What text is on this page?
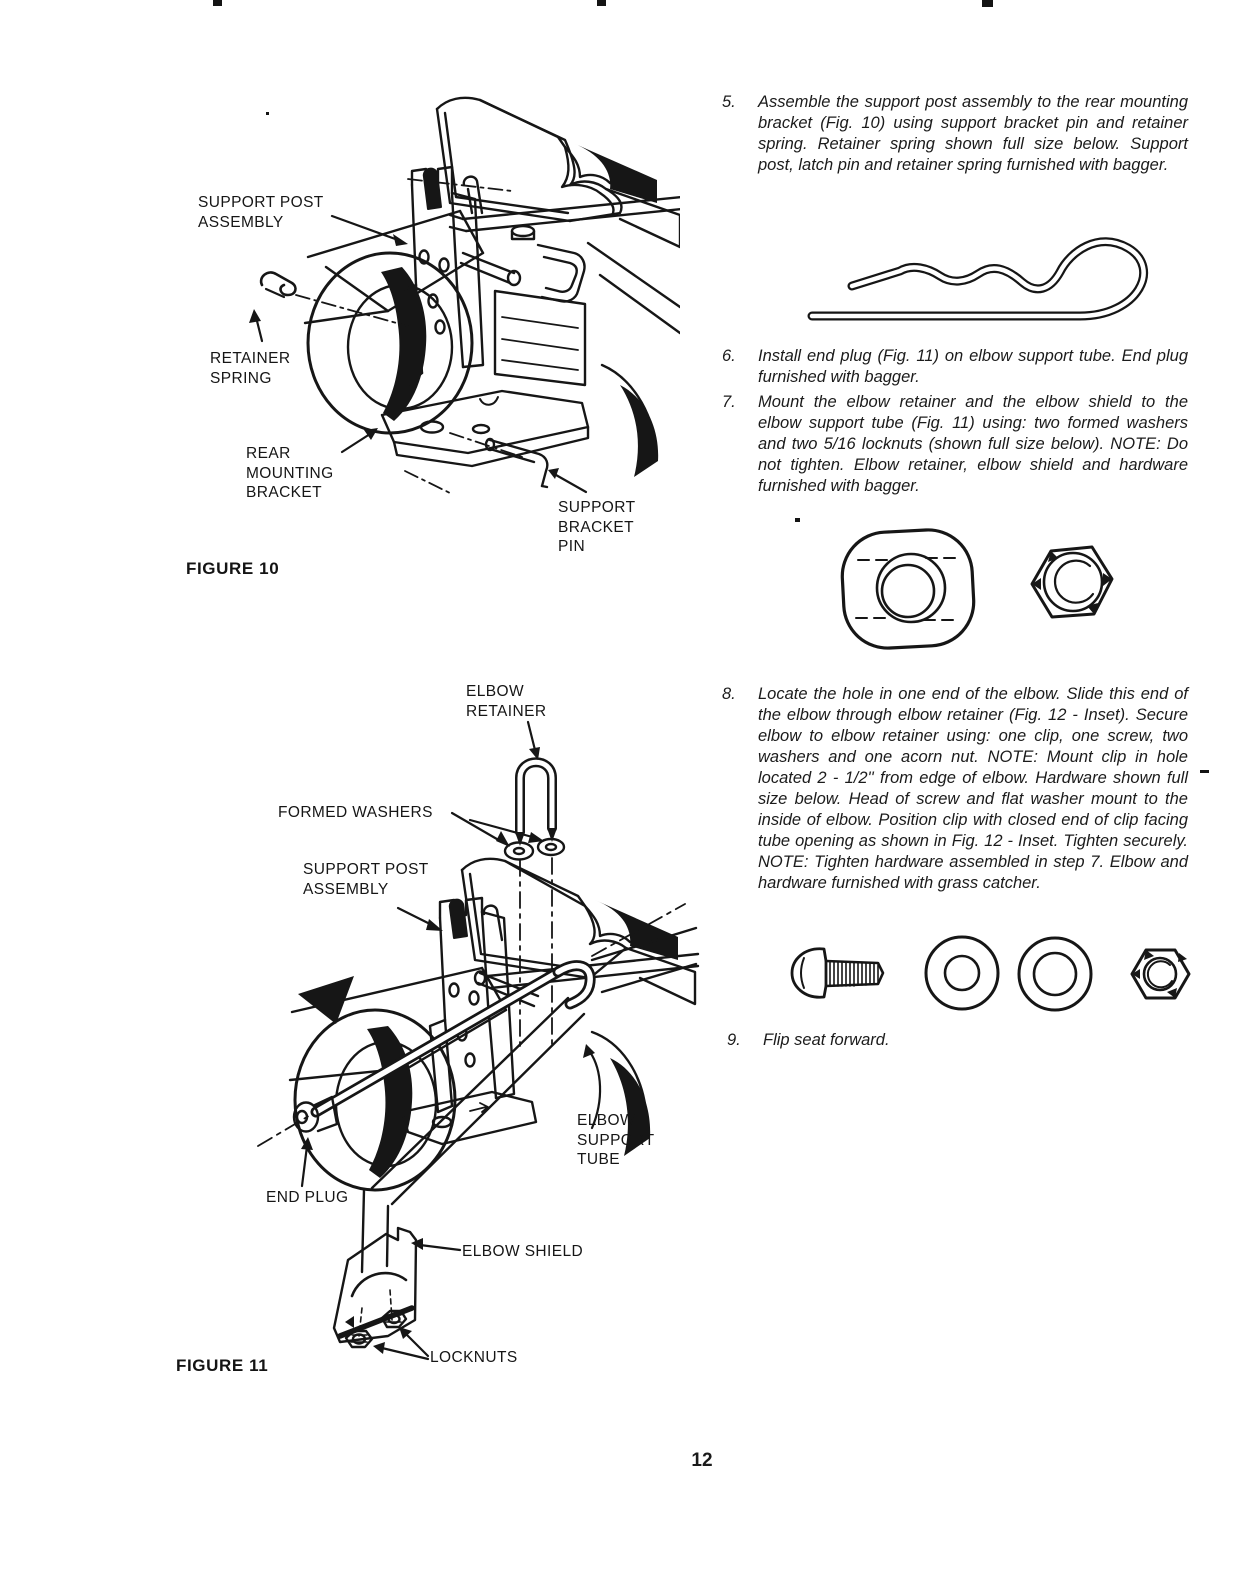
SUPPORT POST ASSEMBLY
RETAINER SPRING
REAR MOUNTING BRACKET
SUPPORT BRACKET PIN
FIGURE 10
ELBOW RETAINER
FORMED WASHERS
SUPPORT POST ASSEMBLY
ELBOW SUPPORT TUBE
END PLUG
ELBOW SHIELD
LOCKNUTS
FIGURE 11
5.	Assemble the support post assembly to the rear mounting bracket (Fig. 10) using support bracket pin and retainer spring. Retainer spring shown full size below. Support post, latch pin and retainer spring furnished with bagger.
6.	Install end plug (Fig. 11) on elbow support tube. End plug furnished with bagger.
7.	Mount the elbow retainer and the elbow shield to the elbow support tube (Fig. 11) using: two formed washers and two 5/16 locknuts (shown full size below). NOTE: Do not tighten. Elbow retainer, elbow shield and hardware furnished with bagger.
8.	Locate the hole in one end of the elbow. Slide this end of the elbow through elbow retainer (Fig. 12 - Inset). Secure elbow to elbow retainer using: one clip, one screw, two washers and one acorn nut. NOTE: Mount clip in hole located 2 - 1/2'' from edge of elbow. Hardware shown full size below. Head of screw and flat washer mount to the inside of elbow. Position clip with closed end of clip facing tube opening as shown in Fig. 12 - Inset. Tighten securely. NOTE: Tighten hardware assembled in step 7. Elbow and hardware furnished with grass catcher.
9.	Flip seat forward.
12
